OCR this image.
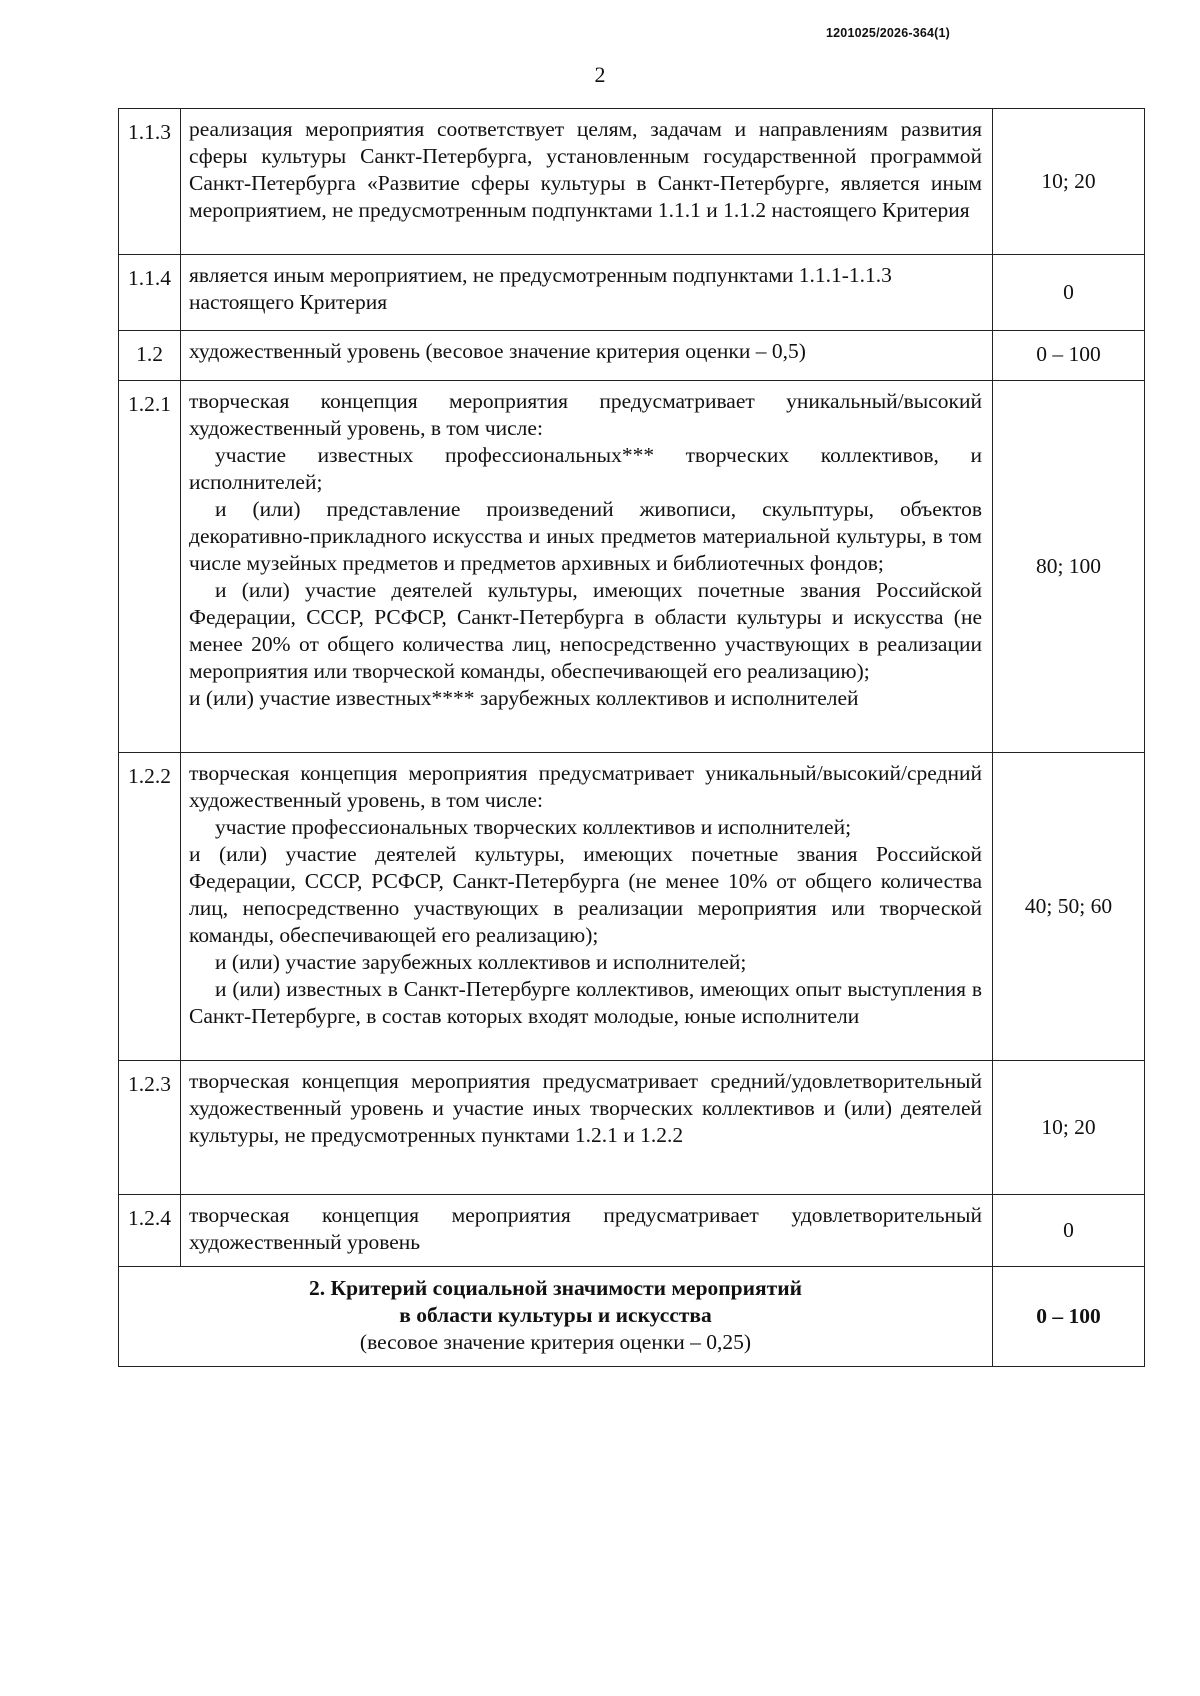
1201025/2026-364(1)
2
1.1.3	реализация мероприятия соответствует целям, задачам и направлениям развития сферы культуры Санкт-Петербурга, установленным государственной программой Санкт-Петербурга «Развитие сферы культуры в Санкт-Петербурге, является иным мероприятием, не предусмотренным подпунктами 1.1.1 и 1.1.2 настоящего Критерия	10; 20
1.1.4	является иным мероприятием, не предусмотренным подпунктами 1.1.1-1.1.3 настоящего Критерия	0
1.2	художественный уровень (весовое значение критерия оценки – 0,5)	0 – 100
1.2.1	творческая концепция мероприятия предусматривает уникальный/высокий художественный уровень, в том числе:

участие известных профессиональных*** творческих коллективов, и исполнителей;

и (или) представление произведений живописи, скульптуры, объектов декоративно-прикладного искусства и иных предметов материальной культуры, в том числе музейных предметов и предметов архивных и библиотечных фондов;

и (или) участие деятелей культуры, имеющих почетные звания Российской Федерации, СССР, РСФСР, Санкт-Петербурга в области культуры и искусства (не менее 20% от общего количества лиц, непосредственно участвующих в реализации мероприятия или творческой команды, обеспечивающей его реализацию);

и (или) участие известных**** зарубежных коллективов и исполнителей	80; 100
1.2.2	творческая концепция мероприятия предусматривает уникальный/высокий/средний художественный уровень, в том числе:

участие профессиональных творческих коллективов и исполнителей;

и (или) участие деятелей культуры, имеющих почетные звания Российской Федерации, СССР, РСФСР, Санкт-Петербурга (не менее 10% от общего количества лиц, непосредственно участвующих в реализации мероприятия или творческой команды, обеспечивающей его реализацию);

и (или) участие зарубежных коллективов и исполнителей;

и (или) известных в Санкт-Петербурге коллективов, имеющих опыт выступления в Санкт-Петербурге, в состав которых входят молодые, юные исполнители	40; 50; 60
1.2.3	творческая концепция мероприятия предусматривает средний/удовлетворительный художественный уровень и участие иных творческих коллективов и (или) деятелей культуры, не предусмотренных пунктами 1.2.1 и 1.2.2	10; 20
1.2.4	творческая концепция мероприятия предусматривает удовлетворительный художественный уровень	0

2. Критерий социальной значимости мероприятий

в области культуры и искусства

(весовое значение критерия оценки – 0,25)		0 – 100
